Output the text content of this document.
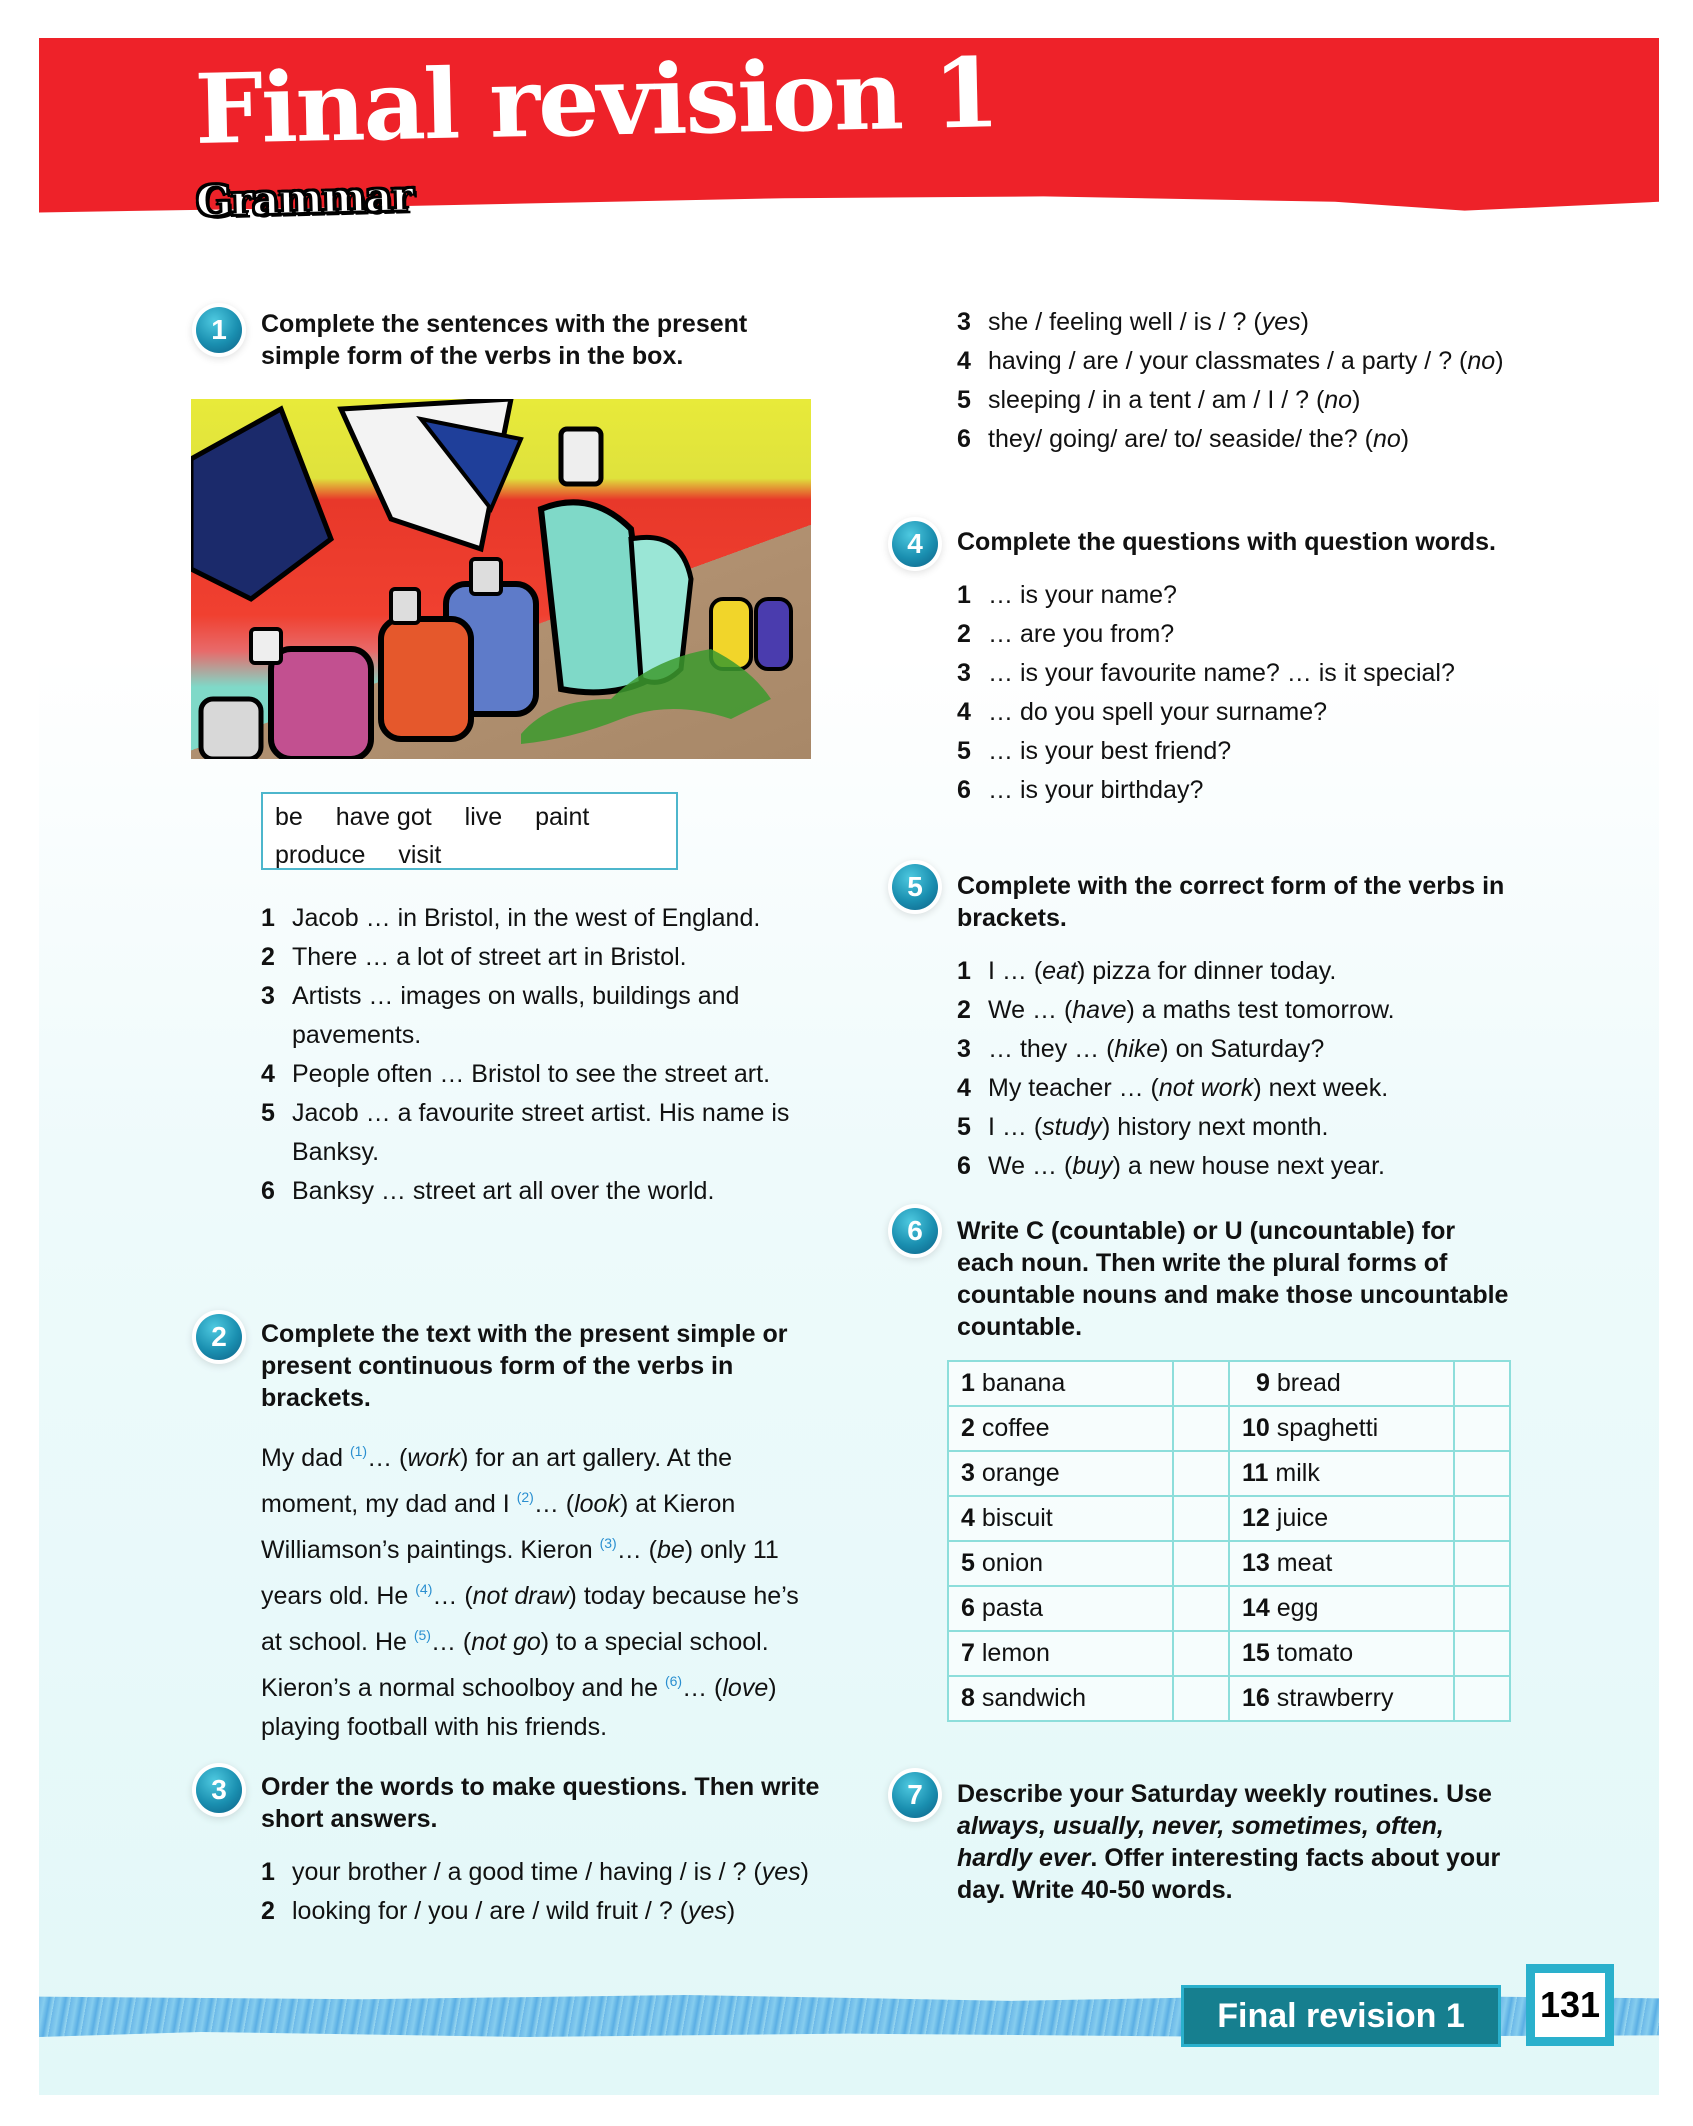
Final revision 1
Grammar
1	Complete the sentences with the present simple form of the verbs in the box.

be have got live paint
produce visit
1 Jacob … in Bristol, in the west of England.
2 There … a lot of street art in Bristol.
3 Artists … images on walls, buildings and pavements.
4 People often … Bristol to see the street art.
5 Jacob … a favourite street artist. His name is Banksy.
6 Banksy … street art all over the world.
2	Complete the text with the present simple or present continuous form of the verbs in brackets.

My dad $^{(1)}$… (work) for an art gallery. At the moment, my dad and I $^{(2)}$… (look) at Kieron Williamson’s paintings. Kieron $^{(3)}$… (be) only 11 years old. He $^{(4)}$… (not draw) today because he’s at school. He $^{(5)}$… (not go) to a special school. Kieron’s a normal schoolboy and he $^{(6)}$… (love) playing football with his friends.

3	Order the words to make questions. Then write short answers.

1 your brother / a good time / having / is / ? (yes)
2 looking for / you / are / wild fruit / ? (yes)
3 she / feeling well / is / ? (yes)
4 having / are / your classmates / a party / ? (no)
5 sleeping / in a tent / am / I / ? (no)
6 they/ going/ are/ to/ seaside/ the? (no)
4	Complete the questions with question words.

1 … is your name?
2 … are you from?
3 … is your favourite name? … is it special?
4 … do you spell your surname?
5 … is your best friend?
6 … is your birthday?
5	Complete with the correct form of the verbs in brackets.

1 I … (eat) pizza for dinner today.
2 We … (have) a maths test tomorrow.
3 … they … (hike) on Saturday?
4 My teacher … (not work) next week.
5 I … (study) history next month.
6 We … (buy) a new house next year.
6	Write C (countable) or U (uncountable) for each noun. Then write the plural forms of countable nouns and make those uncountable countable.

1 banana		9 bread	
2 coffee		10 spaghetti	
3 orange		11 milk	
4 biscuit		12 juice	
5 onion		13 meat	
6 pasta		14 egg	
7 lemon		15 tomato	
8 sandwich		16 strawberry	
7	Describe your Saturday weekly routines. Use always, usually, never, sometimes, often, hardly ever. Offer interesting facts about your day. Write 40-50 words.

Final revision 1	131
